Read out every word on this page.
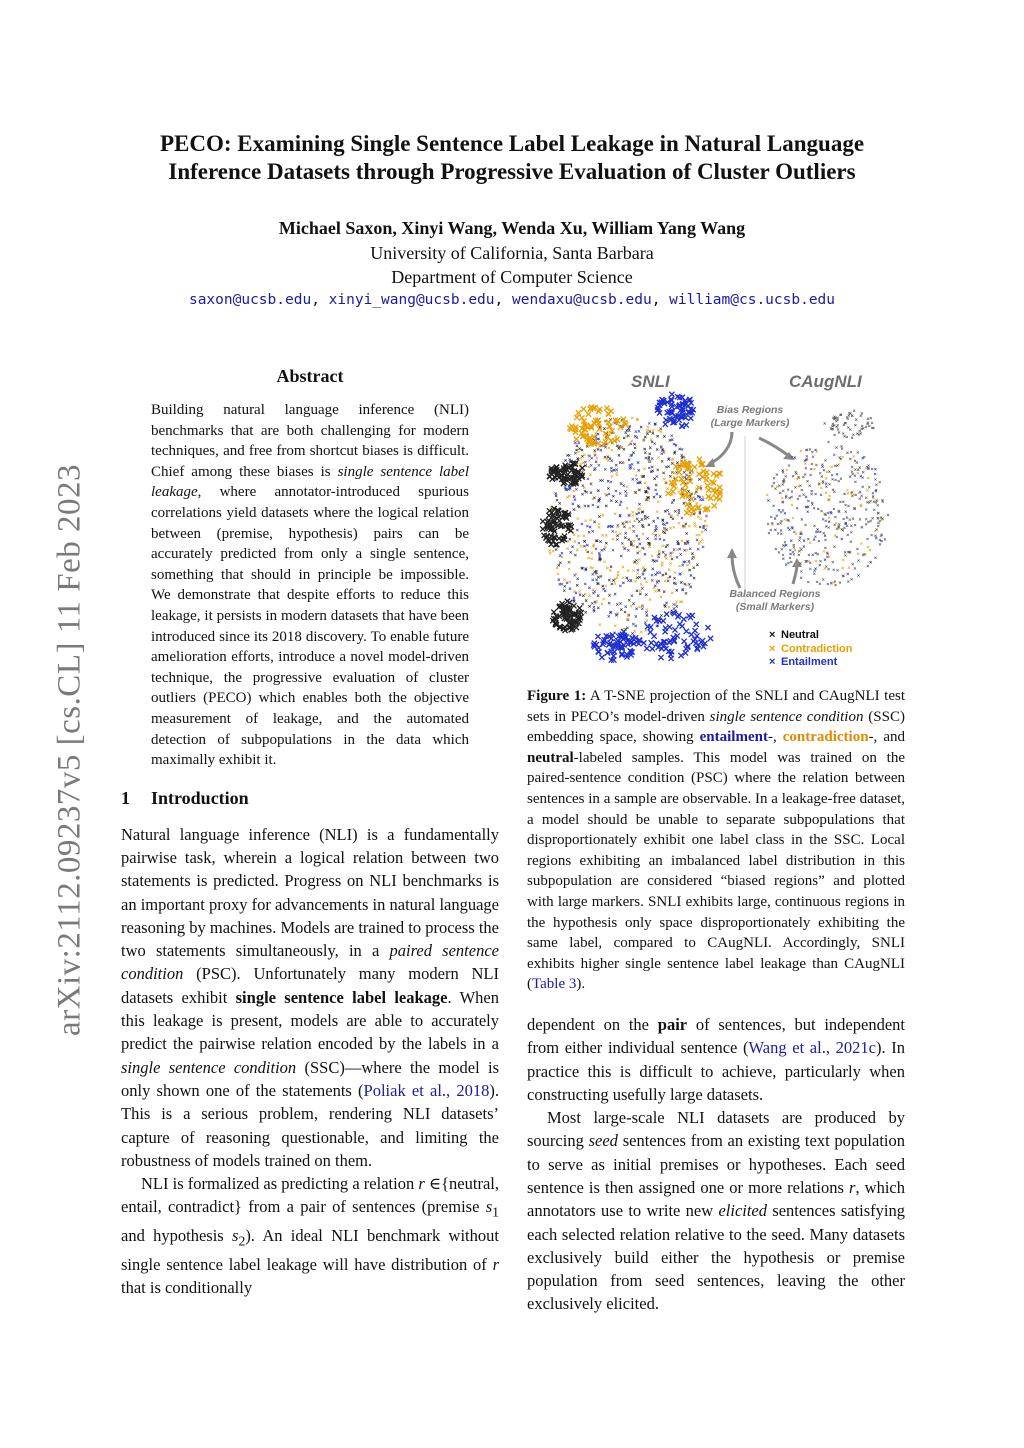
arXiv:2112.09237v5 [cs.CL] 11 Feb 2023
PECO: Examining Single Sentence Label Leakage in Natural Language
Inference Datasets through Progressive Evaluation of Cluster Outliers
Michael Saxon, Xinyi Wang, Wenda Xu, William Yang Wang
University of California, Santa Barbara
Department of Computer Science
saxon@ucsb.edu, xinyi_wang@ucsb.edu, wendaxu@ucsb.edu, william@cs.ucsb.edu
Abstract
Building natural language inference (NLI) benchmarks that are both challenging for modern techniques, and free from shortcut biases is difficult. Chief among these biases is single sentence label leakage, where annotator-introduced spurious correlations yield datasets where the logical relation between (premise, hypothesis) pairs can be accurately predicted from only a single sentence, something that should in principle be impossible. We demonstrate that despite efforts to reduce this leakage, it persists in modern datasets that have been introduced since its 2018 discovery. To enable future amelioration efforts, introduce a novel model-driven technique, the progressive evaluation of cluster outliers (PECO) which enables both the objective measurement of leakage, and the automated detection of subpopulations in the data which maximally exhibit it.
1 Introduction

Natural language inference (NLI) is a fundamentally pairwise task, wherein a logical relation between two statements is predicted. Progress on NLI benchmarks is an important proxy for advancements in natural language reasoning by machines. Models are trained to process the two statements simultaneously, in a paired sentence condition (PSC). Unfortunately many modern NLI datasets exhibit single sentence label leakage. When this leakage is present, models are able to accurately predict the pairwise relation encoded by the labels in a single sentence condition (SSC)—where the model is only shown one of the statements (Poliak et al., 2018). This is a serious problem, rendering NLI datasets’ capture of reasoning questionable, and limiting the robustness of models trained on them.

NLI is formalized as predicting a relation r ∈{neutral, entail, contradict} from a pair of sentences (premise $s_1$ and hypothesis $s_2$). An ideal NLI benchmark without single sentence label leakage will have distribution of r that is conditionally

SNLI	CAugNLI
Bias Regions
(Large Markers)
Balanced Regions
(Small Markers)
× Neutral
× Contradiction
× Entailment
Figure 1: A T-SNE projection of the SNLI and CAugNLI test sets in PECO’s model-driven single sentence condition (SSC) embedding space, showing entailment-, contradiction-, and neutral-labeled samples. This model was trained on the paired-sentence condition (PSC) where the relation between sentences in a sample are observable. In a leakage-free dataset, a model should be unable to separate subpopulations that disproportionately exhibit one label class in the SSC. Local regions exhibiting an imbalanced label distribution in this subpopulation are considered “biased regions” and plotted with large markers. SNLI exhibits large, continuous regions in the hypothesis only space disproportionately exhibiting the same label, compared to CAugNLI. Accordingly, SNLI exhibits higher single sentence label leakage than CAugNLI (Table 3).

dependent on the pair of sentences, but independent from either individual sentence (Wang et al., 2021c). In practice this is difficult to achieve, particularly when constructing usefully large datasets.

Most large-scale NLI datasets are produced by sourcing seed sentences from an existing text population to serve as initial premises or hypotheses. Each seed sentence is then assigned one or more relations r, which annotators use to write new elicited sentences satisfying each selected relation relative to the seed. Many datasets exclusively build either the hypothesis or premise population from seed sentences, leaving the other exclusively elicited.
